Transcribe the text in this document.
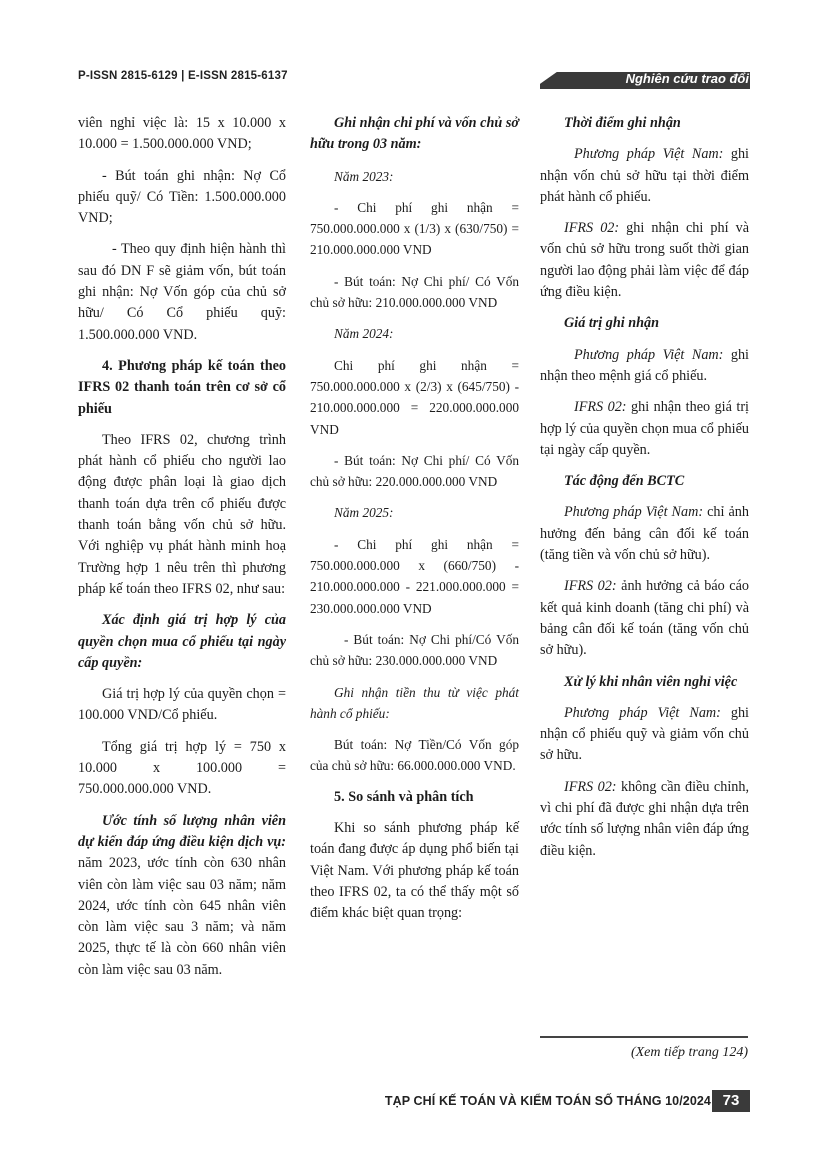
P-ISSN 2815-6129 | E-ISSN 2815-6137	Nghiên cứu trao đổi

viên nghỉ việc là: 15 x 10.000 x 10.000 = 1.500.000.000 VND;

- Bút toán ghi nhận: Nợ Cổ phiếu quỹ/ Có Tiền: 1.500.000.000 VND;

- Theo quy định hiện hành thì sau đó DN F sẽ giảm vốn, bút toán ghi nhận: Nợ Vốn góp của chủ sở hữu/ Có Cổ phiếu quỹ: 1.500.000.000 VND.

4. Phương pháp kế toán theo IFRS 02 thanh toán trên cơ sở cổ phiếu

Theo IFRS 02, chương trình phát hành cổ phiếu cho người lao động được phân loại là giao dịch thanh toán dựa trên cổ phiếu được thanh toán bằng vốn chủ sở hữu. Với nghiệp vụ phát hành minh hoạ Trường hợp 1 nêu trên thì phương pháp kế toán theo IFRS 02, như sau:

Xác định giá trị hợp lý của quyền chọn mua cổ phiếu tại ngày cấp quyền:

Giá trị hợp lý của quyền chọn = 100.000 VND/Cổ phiếu.

Tổng giá trị hợp lý = 750 x 10.000 x 100.000 = 750.000.000.000 VND.

Ước tính số lượng nhân viên dự kiến đáp ứng điều kiện dịch vụ: năm 2023, ước tính còn 630 nhân viên còn làm việc sau 03 năm; năm 2024, ước tính còn 645 nhân viên còn làm việc sau 3 năm; và năm 2025, thực tế là còn 660 nhân viên còn làm việc sau 03 năm.

Ghi nhận chi phí và vốn chủ sở hữu trong 03 năm:

Năm 2023:

- Chi phí ghi nhận = 750.000.000.000 x (1/3) x (630/750) = 210.000.000.000 VND

- Bút toán: Nợ Chi phí/ Có Vốn chủ sở hữu: 210.000.000.000 VND

Năm 2024:

Chi phí ghi nhận = 750.000.000.000 x (2/3) x (645/750) - 210.000.000.000 = 220.000.000.000 VND

- Bút toán: Nợ Chi phí/ Có Vốn chủ sở hữu: 220.000.000.000 VND

Năm 2025:

- Chi phí ghi nhận = 750.000.000.000 x (660/750) - 210.000.000.000 - 221.000.000.000 = 230.000.000.000 VND

- Bút toán: Nợ Chi phí/Có Vốn chủ sở hữu: 230.000.000.000 VND

Ghi nhận tiền thu từ việc phát hành cổ phiếu:

Bút toán: Nợ Tiền/Có Vốn góp của chủ sở hữu: 66.000.000.000 VND.

5. So sánh và phân tích

Khi so sánh phương pháp kế toán đang được áp dụng phổ biến tại Việt Nam. Với phương pháp kế toán theo IFRS 02, ta có thể thấy một số điểm khác biệt quan trọng:

Thời điểm ghi nhận

Phương pháp Việt Nam: ghi nhận vốn chủ sở hữu tại thời điểm phát hành cổ phiếu.

IFRS 02: ghi nhận chi phí và vốn chủ sở hữu trong suốt thời gian người lao động phải làm việc để đáp ứng điều kiện.

Giá trị ghi nhận

Phương pháp Việt Nam: ghi nhận theo mệnh giá cổ phiếu.

IFRS 02: ghi nhận theo giá trị hợp lý của quyền chọn mua cổ phiếu tại ngày cấp quyền.

Tác động đến BCTC

Phương pháp Việt Nam: chỉ ảnh hưởng đến bảng cân đối kế toán (tăng tiền và vốn chủ sở hữu).

IFRS 02: ảnh hưởng cả báo cáo kết quả kinh doanh (tăng chi phí) và bảng cân đối kế toán (tăng vốn chủ sở hữu).

Xử lý khi nhân viên nghỉ việc

Phương pháp Việt Nam: ghi nhận cổ phiếu quỹ và giảm vốn chủ sở hữu.

IFRS 02: không cần điều chỉnh, vì chi phí đã được ghi nhận dựa trên ước tính số lượng nhân viên đáp ứng điều kiện.

(Xem tiếp trang 124)
TẠP CHÍ KẾ TOÁN VÀ KIỂM TOÁN SỐ THÁNG 10/2024 73
